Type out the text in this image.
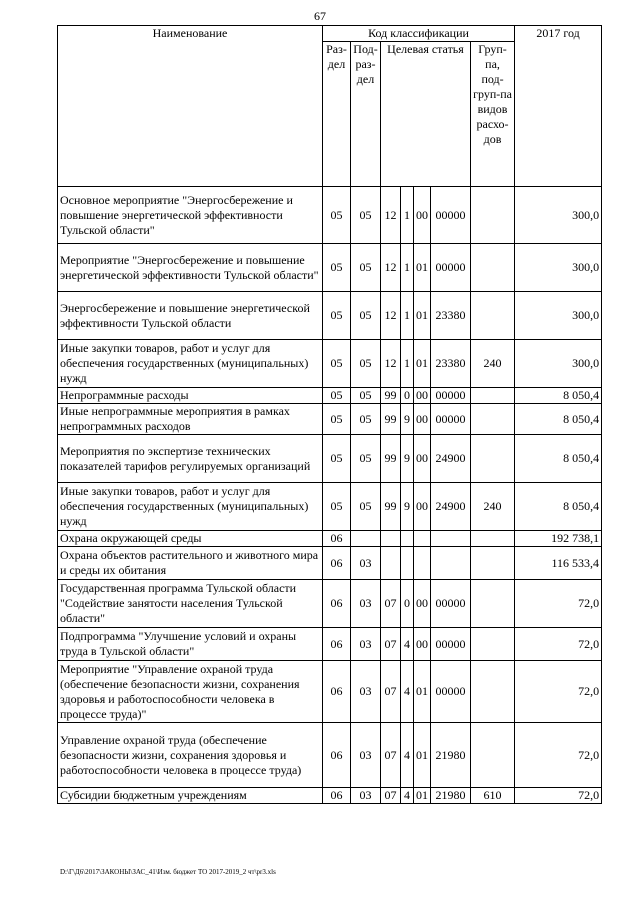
67
Наименование	Код классификации							2017 год
	Раз-дел	Под-раз-дел	Целевая статья				Груп-па, под-груп-па видов расхо-дов	
Основное мероприятие "Энергосбережение и повышение энергетической эффективности Тульской области"	05	05	12	1	00	00000		300,0
Мероприятие "Энергосбережение и повышение энергетической эффективности Тульской области"	05	05	12	1	01	00000		300,0
Энергосбережение и повышение энергетической эффективности Тульской области	05	05	12	1	01	23380		300,0
Иные закупки товаров, работ и услуг для обеспечения государственных (муниципальных) нужд	05	05	12	1	01	23380	240	300,0
Непрограммные расходы	05	05	99	0	00	00000		8 050,4
Иные непрограммные мероприятия в рамках непрограммных расходов	05	05	99	9	00	00000		8 050,4
Мероприятия по экспертизе технических показателей тарифов регулируемых организаций	05	05	99	9	00	24900		8 050,4
Иные закупки товаров, работ и услуг для обеспечения государственных (муниципальных) нужд	05	05	99	9	00	24900	240	8 050,4
Охрана окружающей среды	06							192 738,1
Охрана объектов растительного и животного мира и среды их обитания	06	03						116 533,4
Государственная программа Тульской области "Содействие занятости населения Тульской области"	06	03	07	0	00	00000		72,0
Подпрограмма "Улучшение условий и охраны труда в Тульской области"	06	03	07	4	00	00000		72,0
Мероприятие "Управление охраной труда (обеспечение безопасности жизни, сохранения здоровья и работоспособности человека в процессе труда)"	06	03	07	4	01	00000		72,0
Управление охраной труда (обеспечение безопасности жизни, сохранения здоровья и работоспособности человека в процессе труда)	06	03	07	4	01	21980		72,0
Субсидии бюджетным учреждениям	06	03	07	4	01	21980	610	72,0
D:\Г\Д6\2017\ЗАКОНЫ\ЗАС_41\Изм. бюджет ТО 2017-2019_2 чт\pr3.xls
